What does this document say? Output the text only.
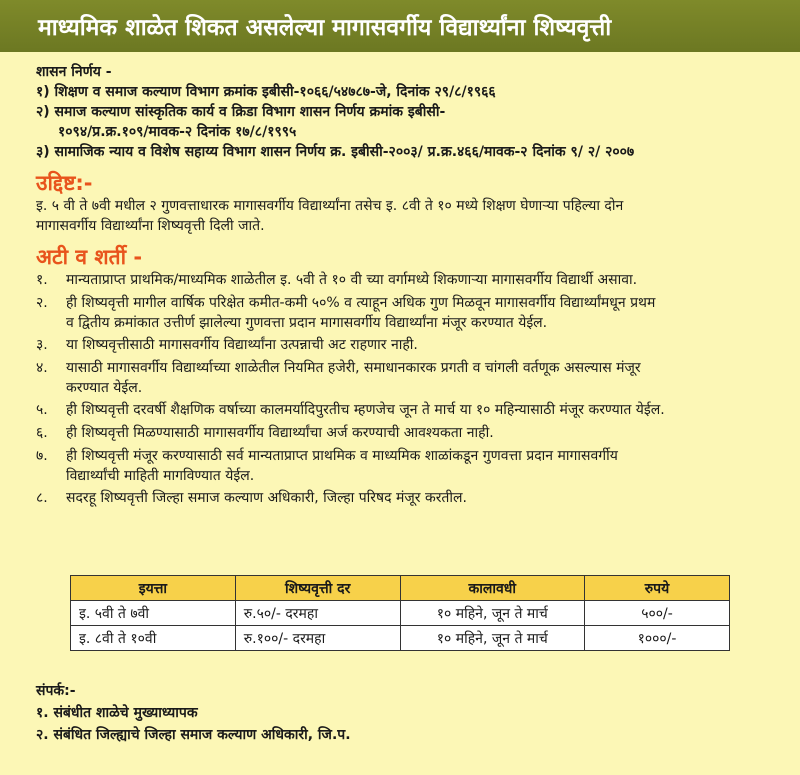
माध्यमिक शाळेत शिकत असलेल्या मागासवर्गीय विद्यार्थ्यांना शिष्यवृत्ती
शासन निर्णय -
१) शिक्षण व समाज कल्याण विभाग क्रमांक इबीसी-१०६६/५४७८७-जे, दिनांक २९/८/१९६६
२) समाज कल्याण सांस्कृतिक कार्य व क्रिडा विभाग शासन निर्णय क्रमांक इबीसी-
१०९४/प्र.क्र.१०९/मावक-२ दिनांक १७/८/१९९५
३) सामाजिक न्याय व विशेष सहाय्य विभाग शासन निर्णय क्र. इबीसी-२००३/ प्र.क्र.४६६/मावक-२ दिनांक ९/ २/ २००७
उद्दिष्ट:-
इ. ५ वी ते ७वी मधील २ गुणवत्ताधारक मागासवर्गीय विद्यार्थ्यांना तसेच इ. ८वी ते १० मध्ये शिक्षण घेणाऱ्या पहिल्या दोन
मागासवर्गीय विद्यार्थ्यांना शिष्यवृत्ती दिली जाते.
अटी व शर्ती -
१.	मान्यताप्राप्त प्राथमिक/माध्यमिक शाळेतील इ. ५वी ते १० वी च्या वर्गामध्ये शिकणाऱ्या मागासवर्गीय विद्यार्थी असावा.
२.	ही शिष्यवृत्ती मागील वार्षिक परिक्षेत कमीत-कमी ५०% व त्याहून अधिक गुण मिळवून मागासवर्गीय विद्यार्थ्यांमधून प्रथम
व द्वितीय क्रमांकात उत्तीर्ण झालेल्या गुणवत्ता प्रदान मागासवर्गीय विद्यार्थ्यांना मंजूर करण्यात येईल.
३.	या शिष्यवृत्तीसाठी मागासवर्गीय विद्यार्थ्यांना उत्पन्नाची अट राहणार नाही.
४.	यासाठी मागासवर्गीय विद्यार्थ्याच्या शाळेतील नियमित हजेरी, समाधानकारक प्रगती व चांगली वर्तणूक असल्यास मंजूर
करण्यात येईल.
५.	ही शिष्यवृत्ती दरवर्षी शैक्षणिक वर्षाच्या कालमर्यादिपुरतीच म्हणजेच जून ते मार्च या १० महिन्यासाठी मंजूर करण्यात येईल.
६.	ही शिष्यवृत्ती मिळण्यासाठी मागासवर्गीय विद्यार्थ्यांचा अर्ज करण्याची आवश्यकता नाही.
७.	ही शिष्यवृत्ती मंजूर करण्यासाठी सर्व मान्यताप्राप्त प्राथमिक व माध्यमिक शाळांकडून गुणवत्ता प्रदान मागासवर्गीय
विद्यार्थ्यांची माहिती मागविण्यात येईल.
८.	सदरहू शिष्यवृत्ती जिल्हा समाज कल्याण अधिकारी, जिल्हा परिषद मंजूर करतील.
इयत्ता	शिष्यवृत्ती दर	कालावधी	रुपये
इ. ५वी ते ७वी	रु.५०/- दरमहा	१० महिने, जून ते मार्च	५००/-
इ. ८वी ते १०वी	रु.१००/- दरमहा	१० महिने, जून ते मार्च	१०००/-
संपर्क:-
१. संबंधीत शाळेचे मुख्याध्यापक
२. संबंधित जिल्ह्याचे जिल्हा समाज कल्याण अधिकारी, जि.प.
